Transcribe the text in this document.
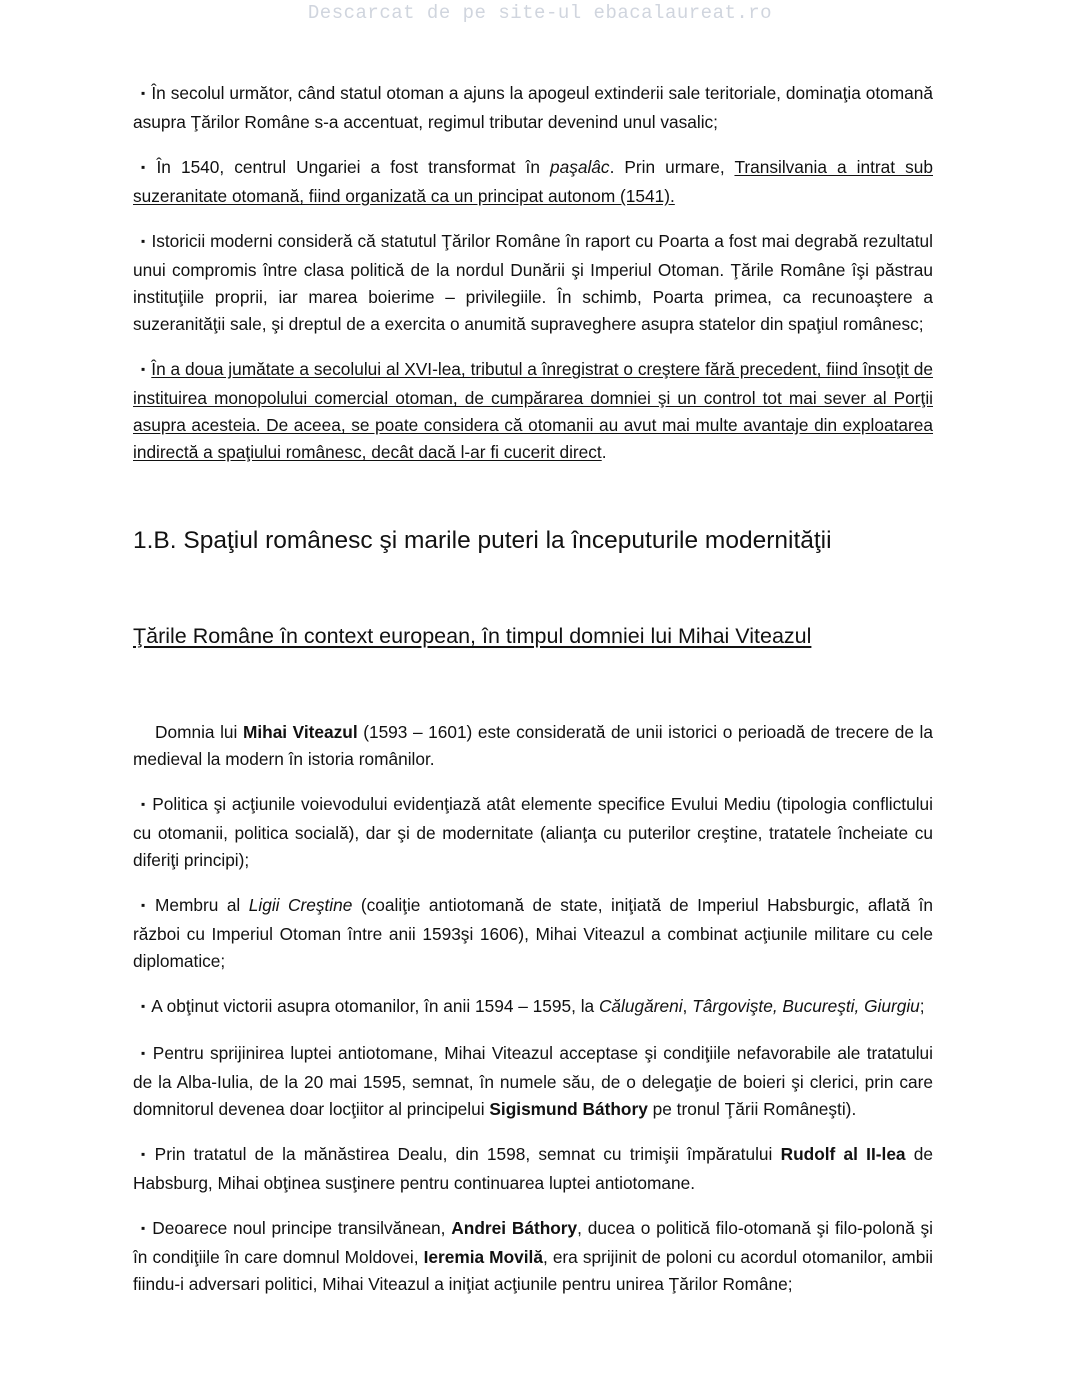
Descarcat de pe site-ul ebacalaureat.ro

▪ În secolul următor, când statul otoman a ajuns la apogeul extinderii sale teritoriale, dominaţia otomană asupra Ţărilor Române s-a accentuat, regimul tributar devenind unul vasalic;

▪ În 1540, centrul Ungariei a fost transformat în paşalâc. Prin urmare, Transilvania a intrat sub suzeranitate otomană, fiind organizată ca un principat autonom (1541).

▪ Istoricii moderni consideră că statutul Ţărilor Române în raport cu Poarta a fost mai degrabă rezultatul unui compromis între clasa politică de la nordul Dunării şi Imperiul Otoman. Ţările Române îşi păstrau instituţiile proprii, iar marea boierime – privilegiile. În schimb, Poarta primea, ca recunoaştere a suzeranităţii sale, şi dreptul de a exercita o anumită supraveghere asupra statelor din spaţiul românesc;

▪ În a doua jumătate a secolului al XVI-lea, tributul a înregistrat o creştere fără precedent, fiind însoţit de instituirea monopolului comercial otoman, de cumpărarea domniei şi un control tot mai sever al Porţii asupra acesteia. De aceea, se poate considera că otomanii au avut mai multe avantaje din exploatarea indirectă a spaţiului românesc, decât dacă l-ar fi cucerit direct.

1.B. Spaţiul românesc şi marile puteri la începuturile modernităţii
Ţările Române în context european, în timpul domniei lui Mihai Viteazul

Domnia lui Mihai Viteazul (1593 – 1601) este considerată de unii istorici o perioadă de trecere de la medieval la modern în istoria românilor.

▪ Politica şi acţiunile voievodului evidenţiază atât elemente specifice Evului Mediu (tipologia conflictului cu otomanii, politica socială), dar şi de modernitate (alianţa cu puterilor creştine, tratatele încheiate cu diferiţi principi);

▪ Membru al Ligii Creştine (coaliţie antiotomană de state, iniţiată de Imperiul Habsburgic, aflată în război cu Imperiul Otoman între anii 1593şi 1606), Mihai Viteazul a combinat acţiunile militare cu cele diplomatice;

▪ A obţinut victorii asupra otomanilor, în anii 1594 – 1595, la Călugăreni, Târgovişte, Bucureşti, Giurgiu;

▪ Pentru sprijinirea luptei antiotomane, Mihai Viteazul acceptase şi condiţiile nefavorabile ale tratatului de la Alba-Iulia, de la 20 mai 1595, semnat, în numele său, de o delegaţie de boieri şi clerici, prin care domnitorul devenea doar locţiitor al principelui Sigismund Báthory pe tronul Ţării Româneşti).

▪ Prin tratatul de la mănăstirea Dealu, din 1598, semnat cu trimişii împăratului Rudolf al II-lea de Habsburg, Mihai obţinea susţinere pentru continuarea luptei antiotomane.

▪ Deoarece noul principe transilvănean, Andrei Báthory, ducea o politică filo-otomană şi filo-polonă şi în condiţiile în care domnul Moldovei, Ieremia Movilă, era sprijinit de poloni cu acordul otomanilor, ambii fiindu-i adversari politici, Mihai Viteazul a iniţiat acţiunile pentru unirea Ţărilor Române;
